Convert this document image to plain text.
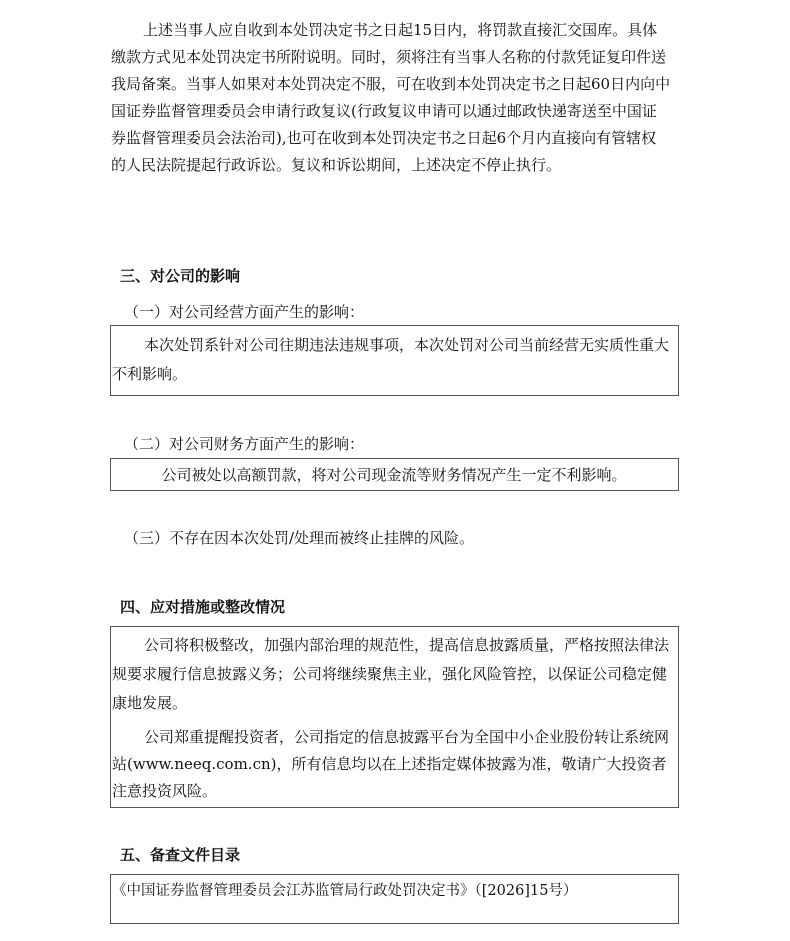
上述当事人应自收到本处罚决定书之日起15日内，将罚款直接汇交国库。具体缴款方式见本处罚决定书所附说明。同时，须将注有当事人名称的付款凭证复印件送我局备案。当事人如果对本处罚决定不服，可在收到本处罚决定书之日起60日内向中国证券监督管理委员会申请行政复议(行政复议申请可以通过邮政快递寄送至中国证券监督管理委员会法治司),也可在收到本处罚决定书之日起6个月内直接向有管辖权的人民法院提起行政诉讼。复议和诉讼期间，上述决定不停止执行。

三、对公司的影响

（一）对公司经营方面产生的影响：

本次处罚系针对公司往期违法违规事项，本次处罚对公司当前经营无实质性重大不利影响。

（二）对公司财务方面产生的影响：

公司被处以高额罚款，将对公司现金流等财务情况产生一定不利影响。

（三）不存在因本次处罚/处理而被终止挂牌的风险。

四、应对措施或整改情况

公司将积极整改，加强内部治理的规范性，提高信息披露质量，严格按照法律法规要求履行信息披露义务；公司将继续聚焦主业，强化风险管控，以保证公司稳定健康地发展。

公司郑重提醒投资者，公司指定的信息披露平台为全国中小企业股份转让系统网站(www.neeq.com.cn)，所有信息均以在上述指定媒体披露为准，敬请广大投资者注意投资风险。

五、备查文件目录

《中国证券监督管理委员会江苏监管局行政处罚决定书》（[2026]15号）
